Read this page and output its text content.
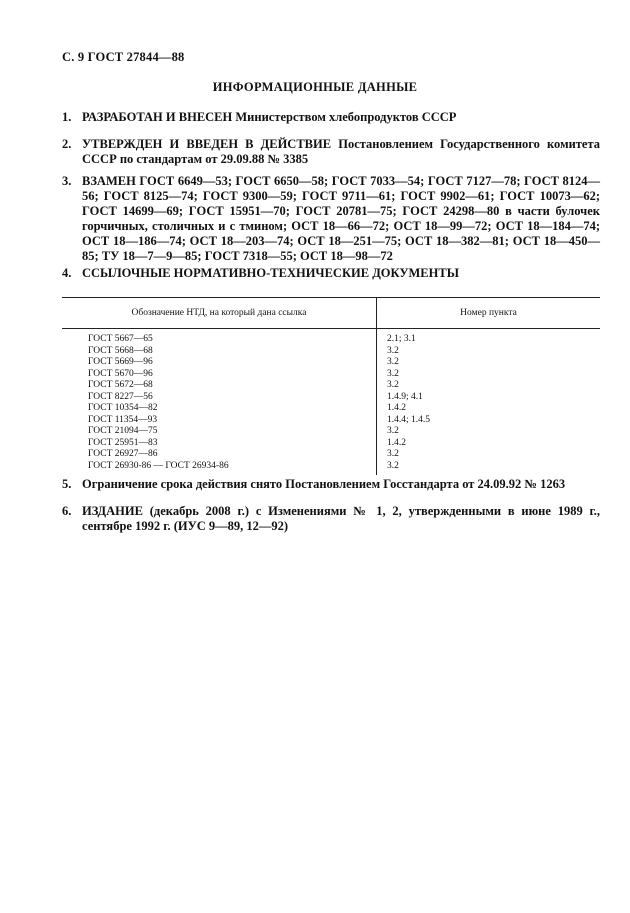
С. 9 ГОСТ 27844—88
ИНФОРМАЦИОННЫЕ ДАННЫЕ
1. РАЗРАБОТАН И ВНЕСЕН Министерством хлебопродуктов СССР
2. УТВЕРЖДЕН И ВВЕДЕН В ДЕЙСТВИЕ Постановлением Государственного комитета СССР по стандартам от 29.09.88 № 3385
3. ВЗАМЕН ГОСТ 6649—53; ГОСТ 6650—58; ГОСТ 7033—54; ГОСТ 7127—78; ГОСТ 8124—56; ГОСТ 8125—74; ГОСТ 9300—59; ГОСТ 9711—61; ГОСТ 9902—61; ГОСТ 10073—62; ГОСТ 14699—69; ГОСТ 15951—70; ГОСТ 20781—75; ГОСТ 24298—80 в части булочек горчичных, столичных и с тмином; ОСТ 18—66—72; ОСТ 18—99—72; ОСТ 18—184—74; ОСТ 18—186—74; ОСТ 18—203—74; ОСТ 18—251—75; ОСТ 18—382—81; ОСТ 18—450—85; ТУ 18—7—9—85; ГОСТ 7318—55; ОСТ 18—98—72
4. ССЫЛОЧНЫЕ НОРМАТИВНО-ТЕХНИЧЕСКИЕ ДОКУМЕНТЫ
Обозначение НТД, на который дана ссылка	Номер пункта
ГОСТ 5667—65
ГОСТ 5668—68
ГОСТ 5669—96
ГОСТ 5670—96
ГОСТ 5672—68
ГОСТ 8227—56
ГОСТ 10354—82
ГОСТ 11354—93
ГОСТ 21094—75
ГОСТ 25951—83
ГОСТ 26927—86
ГОСТ 26930-86 — ГОСТ 26934-86
2.1; 3.1
3.2
3.2
3.2
3.2
1.4.9; 4.1
1.4.2
1.4.4; 1.4.5
3.2
1.4.2
3.2
3.2
5. Ограничение срока действия снято Постановлением Госстандарта от 24.09.92 № 1263
6. ИЗДАНИЕ (декабрь 2008 г.) с Изменениями № 1, 2, утвержденными в июне 1989 г., сентябре 1992 г. (ИУС 9—89, 12—92)
